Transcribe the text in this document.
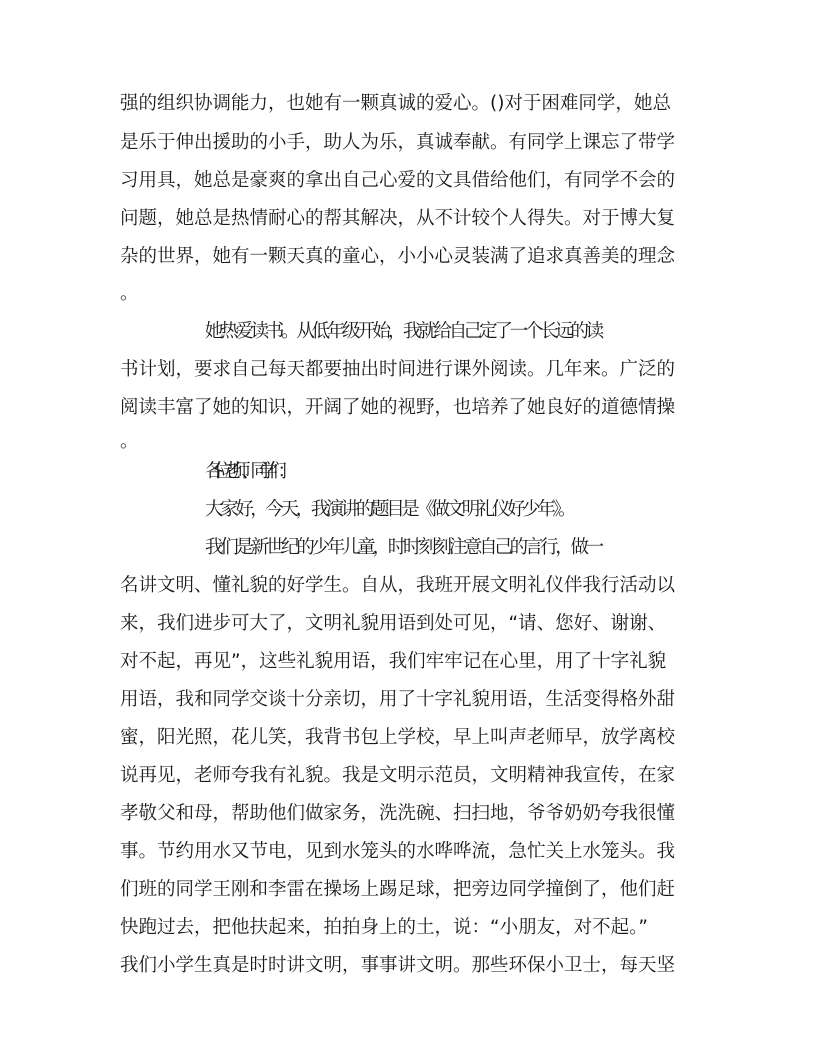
强的组织协调能力，也她有一颗真诚的爱心。()对于困难同学，她总
是乐于伸出援助的小手，助人为乐，真诚奉献。有同学上课忘了带学
习用具，她总是豪爽的拿出自己心爱的文具借给他们，有同学不会的
问题，她总是热情耐心的帮其解决，从不计较个人得失。对于博大复
杂的世界，她有一颗天真的童心，小小心灵装满了追求真善美的理念
。
她热爱读书。从低年级开始，我就给自己定了一个长远的读
书计划，要求自己每天都要抽出时间进行课外阅读。几年来。广泛的
阅读丰富了她的知识，开阔了她的视野，也培养了她良好的道德情操
。
各位老师、同学们：
大家好，今天，我演讲的题目是《做文明礼仪好少年》。
我们是新世纪的少年儿童，时时刻刻注意自己的言行，做一
名讲文明、懂礼貌的好学生。自从，我班开展文明礼仪伴我行活动以
来，我们进步可大了，文明礼貌用语到处可见，“请、您好、谢谢、
对不起，再见”，这些礼貌用语，我们牢牢记在心里，用了十字礼貌
用语，我和同学交谈十分亲切，用了十字礼貌用语，生活变得格外甜
蜜，阳光照，花儿笑，我背书包上学校，早上叫声老师早，放学离校
说再见，老师夸我有礼貌。我是文明示范员，文明精神我宣传，在家
孝敬父和母，帮助他们做家务，洗洗碗、扫扫地，爷爷奶奶夸我很懂
事。节约用水又节电，见到水笼头的水哗哗流，急忙关上水笼头。我
们班的同学王刚和李雷在操场上踢足球，把旁边同学撞倒了，他们赶
快跑过去，把他扶起来，拍拍身上的土，说：“小朋友，对不起。”
我们小学生真是时时讲文明，事事讲文明。那些环保小卫士，每天坚
